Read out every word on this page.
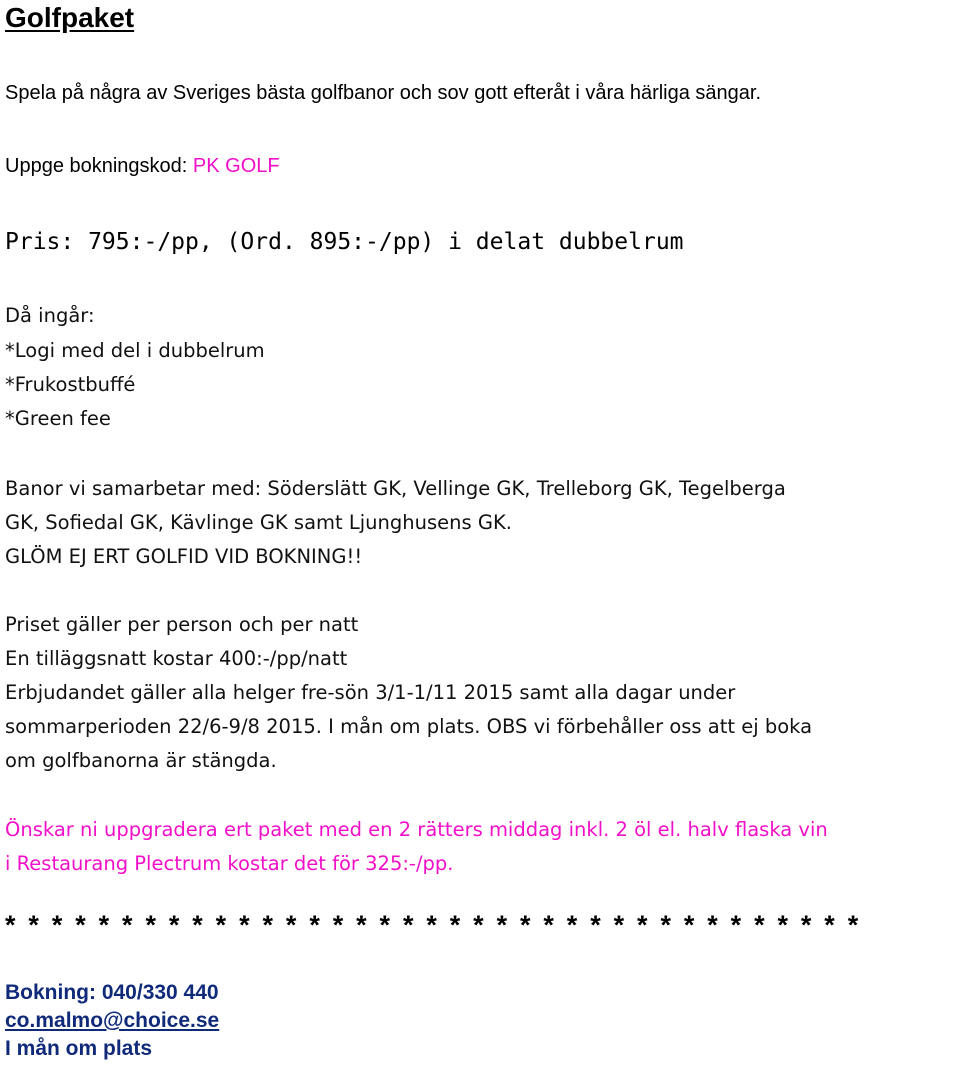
Golfpaket

Spela på några av Sveriges bästa golfbanor och sov gott efteråt i våra härliga sängar.

Uppge bokningskod: PK GOLF

Pris: 795:-/pp, (Ord. 895:-/pp) i delat dubbelrum

Då ingår:

*Logi med del i dubbelrum

*Frukostbuffé

*Green fee

Banor vi samarbetar med: Söderslätt GK, Vellinge GK, Trelleborg GK, Tegelberga

GK, Sofiedal GK, Kävlinge GK samt Ljunghusens GK.

GLÖM EJ ERT GOLFID VID BOKNING!!

Priset gäller per person och per natt

En tilläggsnatt kostar 400:-/pp/natt

Erbjudandet gäller alla helger fre-sön 3/1-1/11 2015 samt alla dagar under

sommarperioden 22/6-9/8 2015. I mån om plats. OBS vi förbehåller oss att ej boka

om golfbanorna är stängda.

Önskar ni uppgradera ert paket med en 2 rätters middag inkl. 2 öl el. halv flaska vin

i Restaurang Plectrum kostar det för 325:-/pp.

* * * * * * * * * * * * * * * * * * * * * * * * * * * * * * * * * * * * *

Bokning: 040/330 440

co.malmo@choice.se

I mån om plats
